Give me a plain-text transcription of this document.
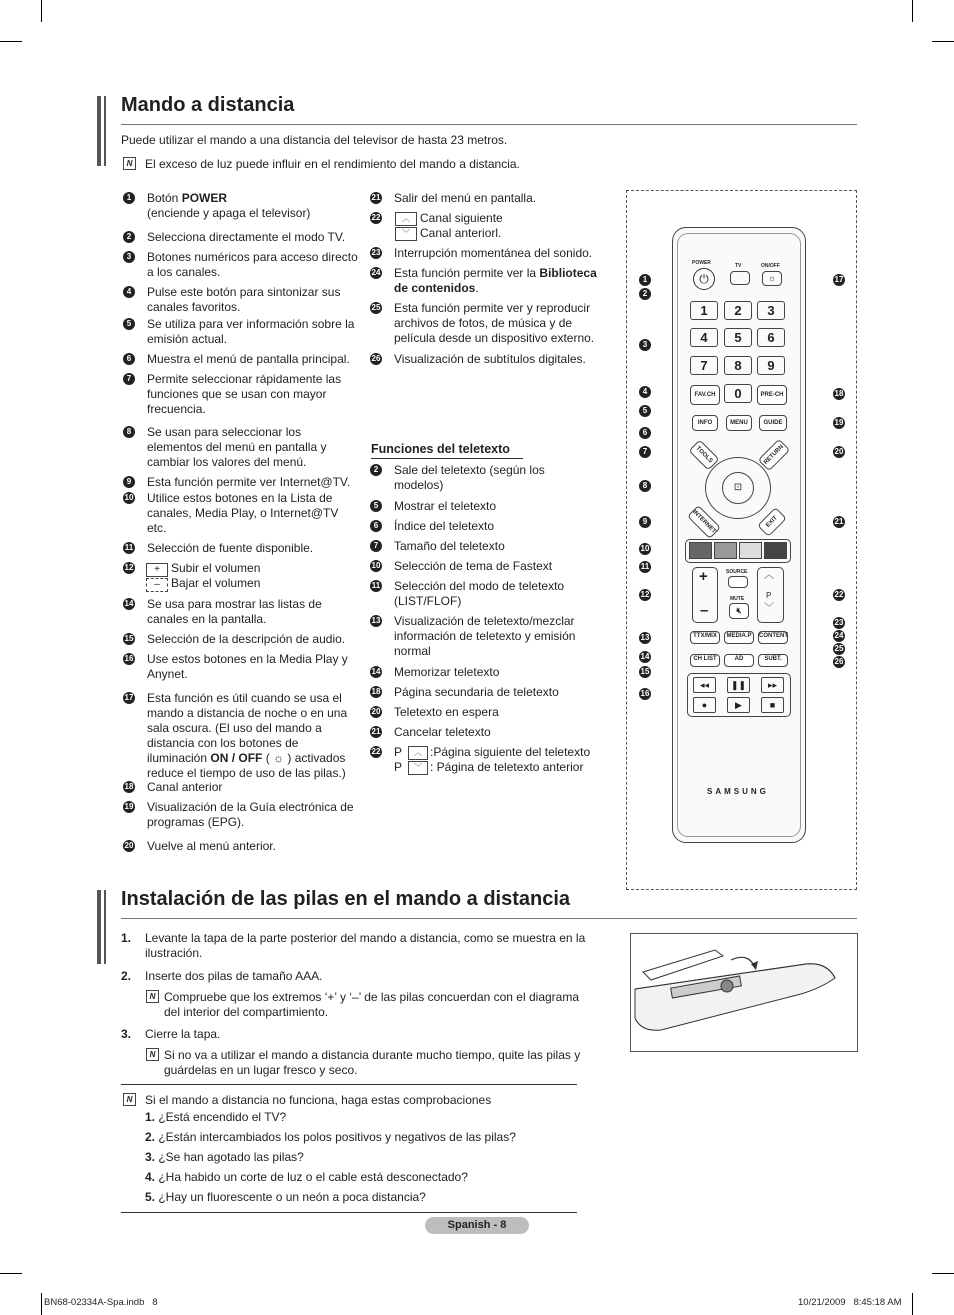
Mando a distancia
Puede utilizar el mando a una distancia del televisor de hasta 23 metros.
N	El exceso de luz puede influir en el rendimiento del mando a distancia.
1	Botón POWER
(enciende y apaga el televisor)
2	Selecciona directamente el modo TV.
3	Botones numéricos para acceso directo a los canales.
4	Pulse este botón para sintonizar sus canales favoritos.
5	Se utiliza para ver información sobre la emisión actual.
6	Muestra el menú de pantalla principal.
7	Permite seleccionar rápidamente las funciones que se usan con mayor frecuencia.
8	Se usan para seleccionar los elementos del menú en pantalla y cambiar los valores del menú.
9	Esta función permite ver Internet@TV.
10 Utilice estos botones en la Lista de canales, Media Play, o Internet@TV etc.
11 Selección de fuente disponible.
12	Subir el volumen
Bajar el volumen
14 Se usa para mostrar las listas de canales en la pantalla.
15 Selección de la descripción de audio.
16 Use estos botones en la Media Play y Anynet.
17 Esta función es útil cuando se usa el mando a distancia de noche o en una sala oscura. (El uso del mando a distancia con los botones de iluminación ON / OFF ( ☼ ) activados reduce el tiempo de uso de las pilas.)
18 Canal anterior
19 Visualización de la Guía electrónica de programas (EPG).
20 Vuelve al menú anterior.
+
–
21 Salir del menú en pantalla.
22	Canal siguiente
Canal anteriorl.
23 Interrupción momentánea del sonido.
24 Esta función permite ver la Biblioteca de contenidos.
25 Esta función permite ver y reproducir archivos de fotos, de música y de película desde un dispositivo externo.
26 Visualización de subtítulos digitales.
︿
﹀
Funciones del teletexto
2	Sale del teletexto (según los modelos)
5	Mostrar el teletexto
6	Índice del teletexto
7	Tamaño del teletexto
10 Selección de tema de Fastext
11 Selección del modo de teletexto (LIST/FLOF)
13 Visualización de teletexto/mezclar información de teletexto y emisión normal
14 Memorizar teletexto
18 Página secundaria de teletexto
20 Teletexto en espera
21 Cancelar teletexto
22 P	︿ :Página siguiente del teletexto
P	﹀ : Página de teletexto anterior
POWER
⏻
TV	ON/OFF
☼
1	2	3
4	5	6
7	8	9
0
FAV.CH	PRE-CH
INFO	MENU	GUIDE
TOOLS	RETURN
⊡
INTERNET	EXIT
+
–
SOURCE
MUTE
🔇︎
︿
P
﹀
TTX/MIX	MEDIA.P	CONTENT
CH LIST	AD	SUBT.
◂◂	❚❚	▸▸
●	▶	■
SAMSUNG
1
2
3
4
5
6
7
8
9
10
11
12
13
14
15
16
17
18
19
20
21
22
23
24
25
26
Instalación de las pilas en el mando a distancia
1. Levante la tapa de la parte posterior del mando a distancia, como se muestra en la ilustración.
2. Inserte dos pilas de tamaño AAA.
N Compruebe que los extremos ‘+’ y ‘–’ de las pilas concuerdan con el diagrama del interior del compartimiento.
3. Cierre la tapa.
N Si no va a utilizar el mando a distancia durante mucho tiempo, quite las pilas y guárdelas en un lugar fresco y seco.
N	Si el mando a distancia no funciona, haga estas comprobaciones
1. ¿Está encendido el TV?
2. ¿Están intercambiados los polos positivos y negativos de las pilas?
3. ¿Se han agotado las pilas?
4. ¿Ha habido un corte de luz o el cable está desconectado?
5. ¿Hay un fluorescente o un neón a poca distancia?
Spanish - 8
BN68-02334A-Spa.indb   8	10/21/2009   8:45:18 AM
